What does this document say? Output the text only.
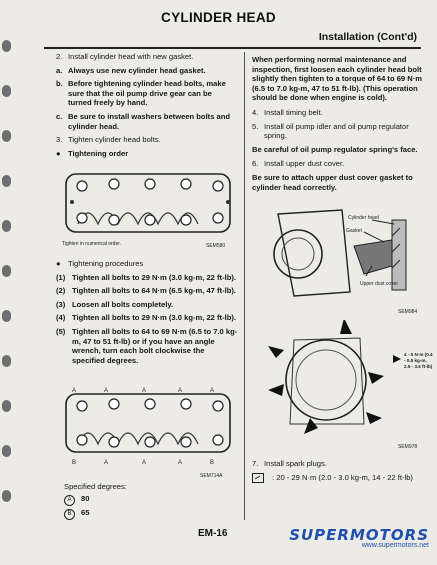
CYLINDER HEAD
Installation (Cont'd)
2. Install cylinder head with new gasket.
a. Always use new cylinder head gasket.
b. Before tightening cylinder head bolts, make sure that the oil pump drive gear can be turned freely by hand.
c. Be sure to install washers between bolts and cylinder head.
3. Tighten cylinder head bolts.
● Tightening order
Tighten in numerical order.	SEM580
● Tightening procedures
(1) Tighten all bolts to 29 N·m (3.0 kg-m, 22 ft-lb).
(2) Tighten all bolts to 64 N·m (6.5 kg-m, 47 ft-lb).
(3) Loosen all bolts completely.
(4) Tighten all bolts to 29 N·m (3.0 kg-m, 22 ft-lb).
(5) Tighten all bolts to 64 to 69 N·m (6.5 to 7.0 kg-m, 47 to 51 ft-lb) or if you have an angle wrench, turn each bolt clockwise the specified degrees.
A	A	A	A	A
B	A	A	A	B
SEM714A
Specified degrees:
A 80
B 65
When performing normal maintenance and inspection, first loosen each cylinder head bolt slightly then tighten to a torque of 64 to 69 N·m (6.5 to 7.0 kg-m, 47 to 51 ft-lb). (This operation should be done when engine is cold).
4. Install timing belt.
5. Install oil pump idler and oil pump regulator spring.
Be careful of oil pump regulator spring's face.
6. Install upper dust cover.
Be sure to attach upper dust cover gasket to cylinder head correctly.
Cylinder head
Gasket
Upper dust cover
SEM984
4 - 5 N·m (0.4 - 0.5 kg-m, 2.9 - 3.6 ft-lb)
SEM978
7. Install spark plugs.
: 20 - 29 N·m (2.0 - 3.0 kg-m, 14 - 22 ft-lb)
EM-16	SUPERMOTORS
www.supermotors.net
